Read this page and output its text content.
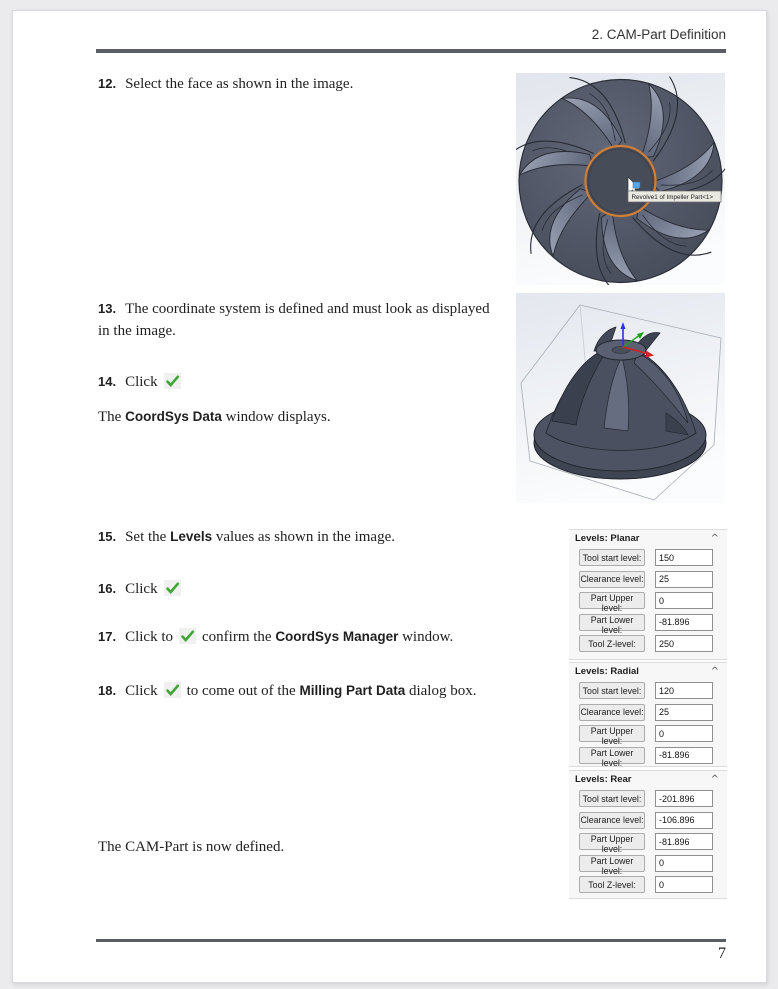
2. CAM-Part Definition
12. Select the face as shown in the image.
Revolve1 of Impeller Part<1>
13. The coordinate system is defined and must look as displayed
in the image.
14. Click
The CoordSys Data window displays.
15. Set the Levels values as shown in the image.
16. Click
17. Click to confirm the CoordSys Manager window.
18. Click to come out of the Milling Part Data dialog box.
Levels: Planar	^
Tool start level:
150
Clearance level:
25
Part Upper level:
0
Part Lower level:
-81.896
Tool Z-level:
250
Levels: Radial	^
Tool start level:
120
Clearance level:
25
Part Upper level:
0
Part Lower level:
-81.896
Levels: Rear	^
Tool start level:
-201.896
Clearance level:
-106.896
Part Upper level:
-81.896
Part Lower level:
0
Tool Z-level:
0
The CAM-Part is now defined.
7
